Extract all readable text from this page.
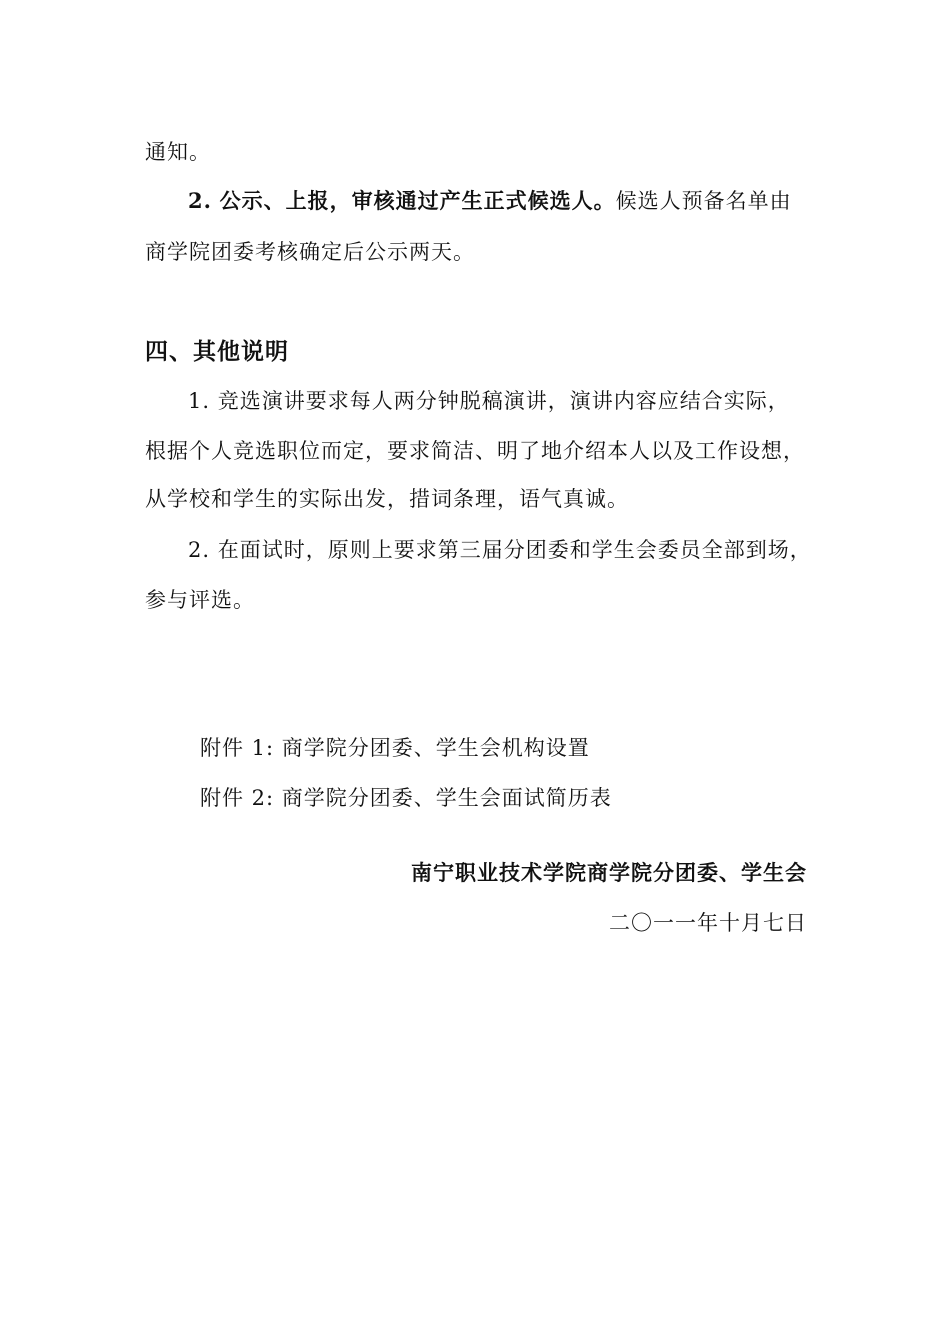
通知。
2. 公示、上报，审核通过产生正式候选人。候选人预备名单由
商学院团委考核确定后公示两天。
四、其他说明
1. 竞选演讲要求每人两分钟脱稿演讲，演讲内容应结合实际，
根据个人竞选职位而定，要求简洁、明了地介绍本人以及工作设想，
从学校和学生的实际出发，措词条理，语气真诚。
2. 在面试时，原则上要求第三届分团委和学生会委员全部到场，
参与评选。
附件 1: 商学院分团委、学生会机构设置
附件 2: 商学院分团委、学生会面试简历表
南宁职业技术学院商学院分团委、学生会
二〇一一年十月七日
